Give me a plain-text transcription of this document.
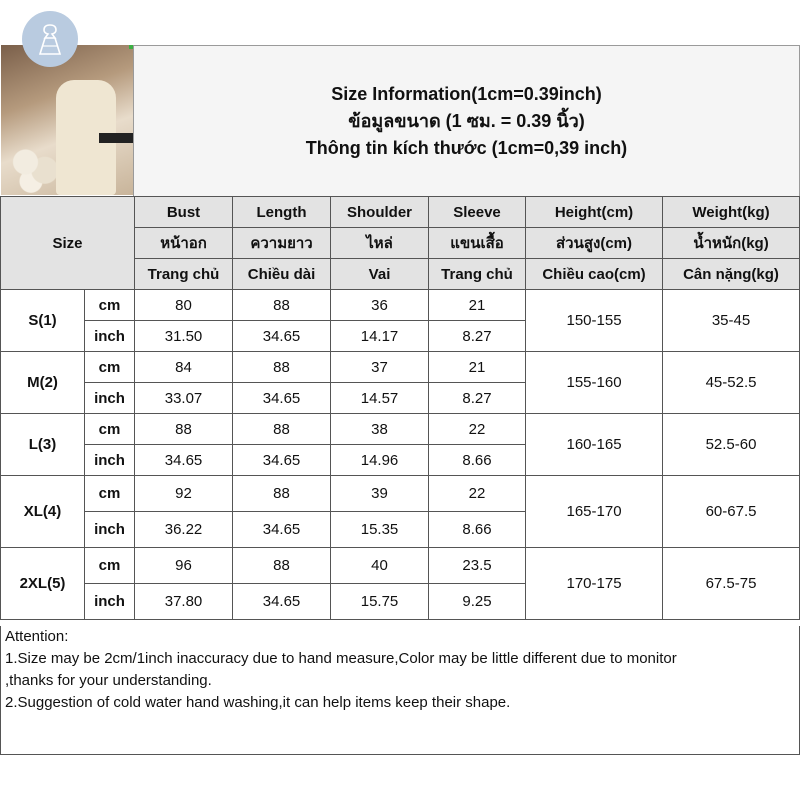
Size Information(1cm=0.39inch)
ข้อมูลขนาด (1 ซม. = 0.39 นิ้ว)
Thông tin kích thước (1cm=0,39 inch)
Size		Bust	Length	Shoulder	Sleeve	Height(cm)	Weight(kg)
		หน้าอก	ความยาว	ไหล่	แขนเสื้อ	ส่วนสูง(cm)	น้ำหนัก(kg)
		Trang chủ	Chiều dài	Vai	Trang chủ	Chiều cao(cm)	Cân nặng(kg)
S(1)	cm	80	88	36	21	150-155	35-45
	inch	31.50	34.65	14.17	8.27		
M(2)	cm	84	88	37	21	155-160	45-52.5
	inch	33.07	34.65	14.57	8.27		
L(3)	cm	88	88	38	22	160-165	52.5-60
	inch	34.65	34.65	14.96	8.66		
XL(4)	cm	92	88	39	22	165-170	60-67.5
	inch	36.22	34.65	15.35	8.66		
2XL(5)	cm	96	88	40	23.5	170-175	67.5-75
	inch	37.80	34.65	15.75	9.25		
Attention:
1.Size may be 2cm/1inch inaccuracy due to hand measure,Color may be little different due to monitor
,thanks for your understanding.
2.Suggestion of cold water hand washing,it can help items keep their shape.
